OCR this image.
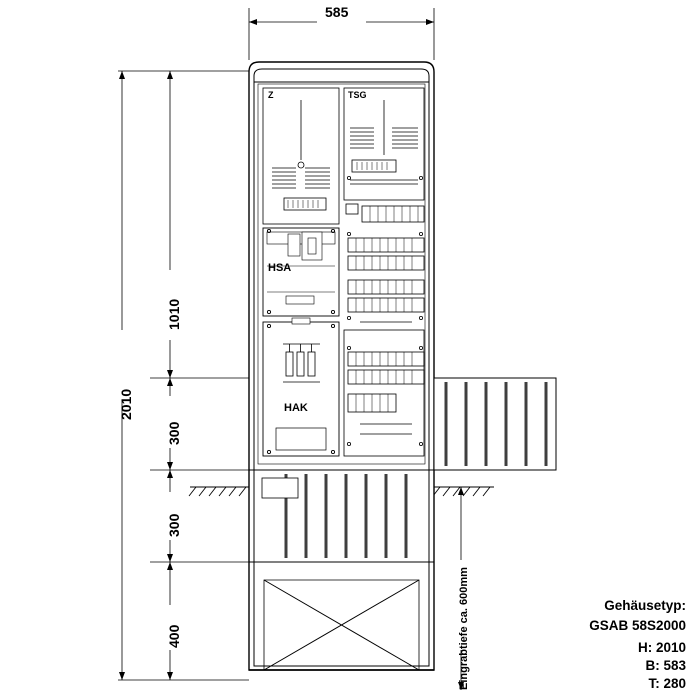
585
2010
1010
300
300
400
Z	TSG
HSA
HAK
Eingrabtiefe ca. 600mm	Gehäusetyp:
GSAB 58S2000
H: 2010
B: 583
T: 280
